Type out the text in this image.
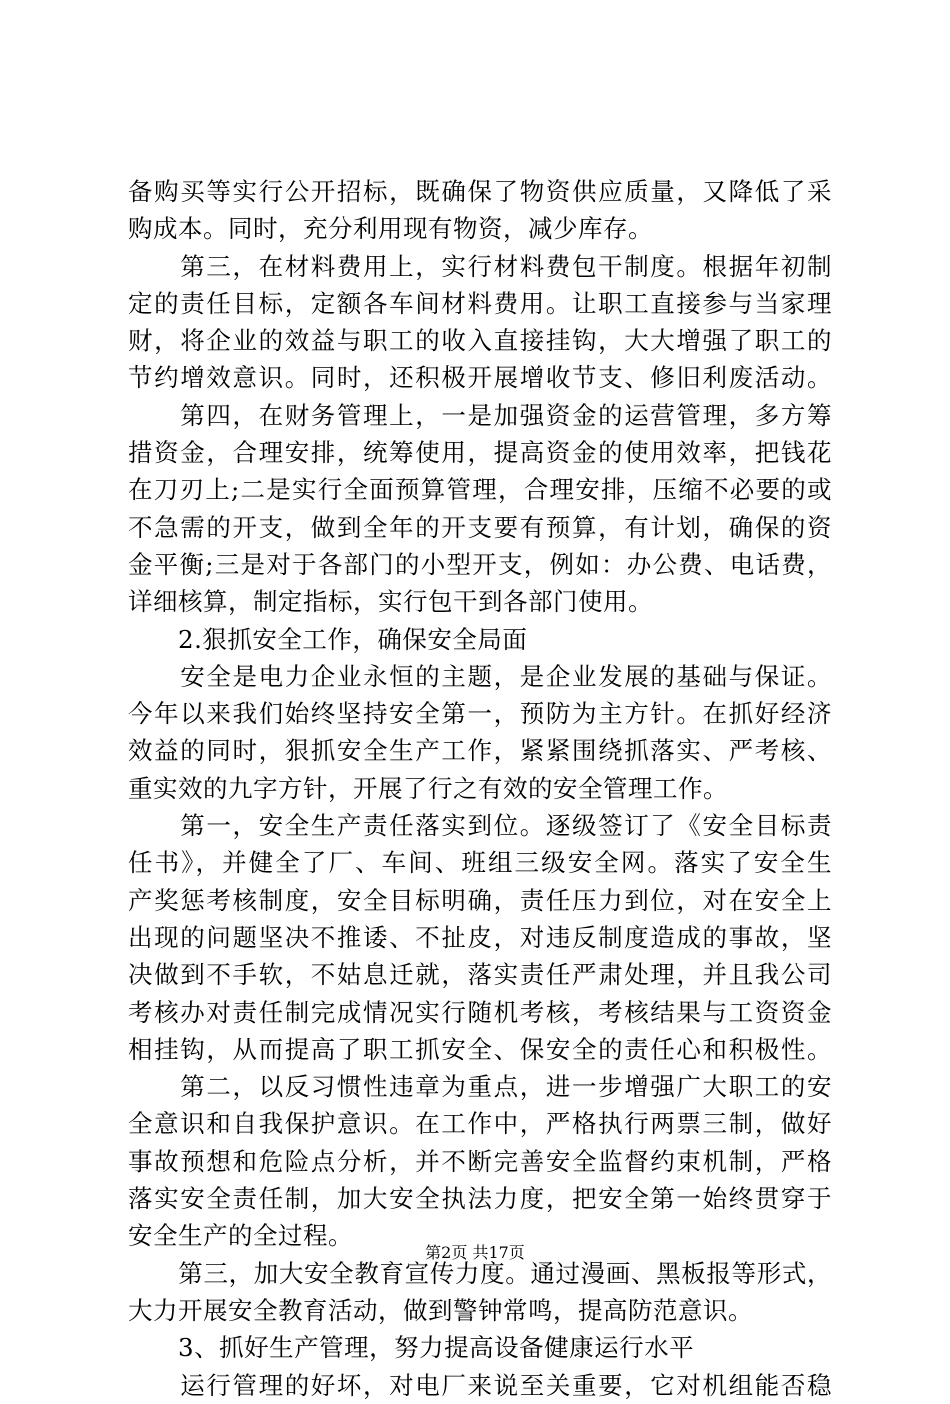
备购买等实行公开招标，既确保了物资供应质量，又降低了采
购成本。同时，充分利用现有物资，减少库存。
　　第三，在材料费用上，实行材料费包干制度。根据年初制
定的责任目标，定额各车间材料费用。让职工直接参与当家理
财，将企业的效益与职工的收入直接挂钩，大大增强了职工的
节约增效意识。同时，还积极开展增收节支、修旧利废活动。
　　第四，在财务管理上，一是加强资金的运营管理，多方筹
措资金，合理安排，统筹使用，提高资金的使用效率，把钱花
在刀刃上;二是实行全面预算管理，合理安排，压缩不必要的或
不急需的开支，做到全年的开支要有预算，有计划，确保的资
金平衡;三是对于各部门的小型开支，例如：办公费、电话费，
详细核算，制定指标，实行包干到各部门使用。
　　2.狠抓安全工作，确保安全局面
　　安全是电力企业永恒的主题，是企业发展的基础与保证。
今年以来我们始终坚持安全第一，预防为主方针。在抓好经济
效益的同时，狠抓安全生产工作，紧紧围绕抓落实、严考核、
重实效的九字方针，开展了行之有效的安全管理工作。
　　第一，安全生产责任落实到位。逐级签订了《安全目标责
任书》，并健全了厂、车间、班组三级安全网。落实了安全生
产奖惩考核制度，安全目标明确，责任压力到位，对在安全上
出现的问题坚决不推诿、不扯皮，对违反制度造成的事故，坚
决做到不手软，不姑息迁就，落实责任严肃处理，并且我公司
考核办对责任制完成情况实行随机考核，考核结果与工资资金
相挂钩，从而提高了职工抓安全、保安全的责任心和积极性。
　　第二，以反习惯性违章为重点，进一步增强广大职工的安
全意识和自我保护意识。在工作中，严格执行两票三制，做好
事故预想和危险点分析，并不断完善安全监督约束机制，严格
落实安全责任制，加大安全执法力度，把安全第一始终贯穿于
安全生产的全过程。
　　第三，加大安全教育宣传力度。通过漫画、黑板报等形式，
大力开展安全教育活动，做到警钟常鸣，提高防范意识。
　　3、抓好生产管理，努力提高设备健康运行水平
　　运行管理的好坏，对电厂来说至关重要，它对机组能否稳
第2页 共17页
